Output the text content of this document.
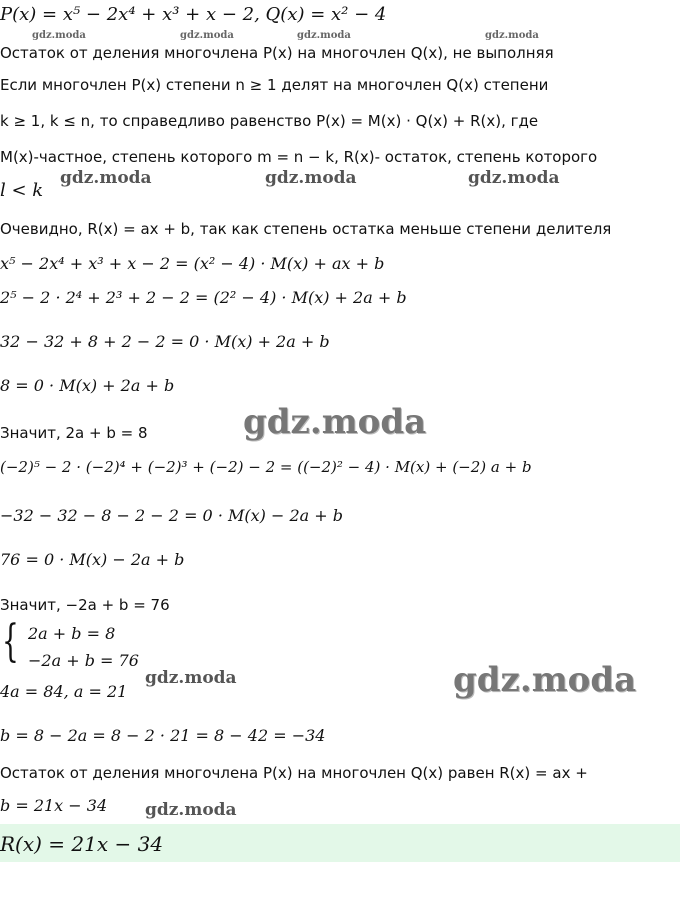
P(x) = x⁵ − 2x⁴ + x³ + x − 2, Q(x) = x² − 4
Остаток от деления многочлена P(x) на многочлен Q(x), не выполняя
Если многочлен P(x) степени n ≥ 1 делят на многочлен Q(x) степени
k ≥ 1, k ≤ n, то справедливо равенство P(x) = M(x) · Q(x) + R(x), где
M(x)-частное, степень которого m = n − k, R(x)- остаток, степень которого
l < k
Очевидно, R(x) = ax + b, так как степень остатка меньше степени делителя
x⁵ − 2x⁴ + x³ + x − 2 = (x² − 4) · M(x) + ax + b
2⁵ − 2 · 2⁴ + 2³ + 2 − 2 = (2² − 4) · M(x) + 2a + b
32 − 32 + 8 + 2 − 2 = 0 · M(x) + 2a + b
8 = 0 · M(x) + 2a + b
Значит, 2a + b = 8
(−2)⁵ − 2 · (−2)⁴ + (−2)³ + (−2) − 2 = ((−2)² − 4) · M(x) + (−2) a + b
−32 − 32 − 8 − 2 − 2 = 0 · M(x) − 2a + b
76 = 0 · M(x) − 2a + b
Значит, −2a + b = 76
{ 2a + b = 8
−2a + b = 76
4a = 84, a = 21
b = 8 − 2a = 8 − 2 · 21 = 8 − 42 = −34
Остаток от деления многочлена P(x) на многочлен Q(x) равен R(x) = ax +
b = 21x − 34
R(x) = 21x − 34
gdz.moda	gdz.moda	gdz.moda	gdz.moda
gdz.moda	gdz.moda	gdz.moda
gdz.moda
gdz.moda	gdz.moda
gdz.moda
